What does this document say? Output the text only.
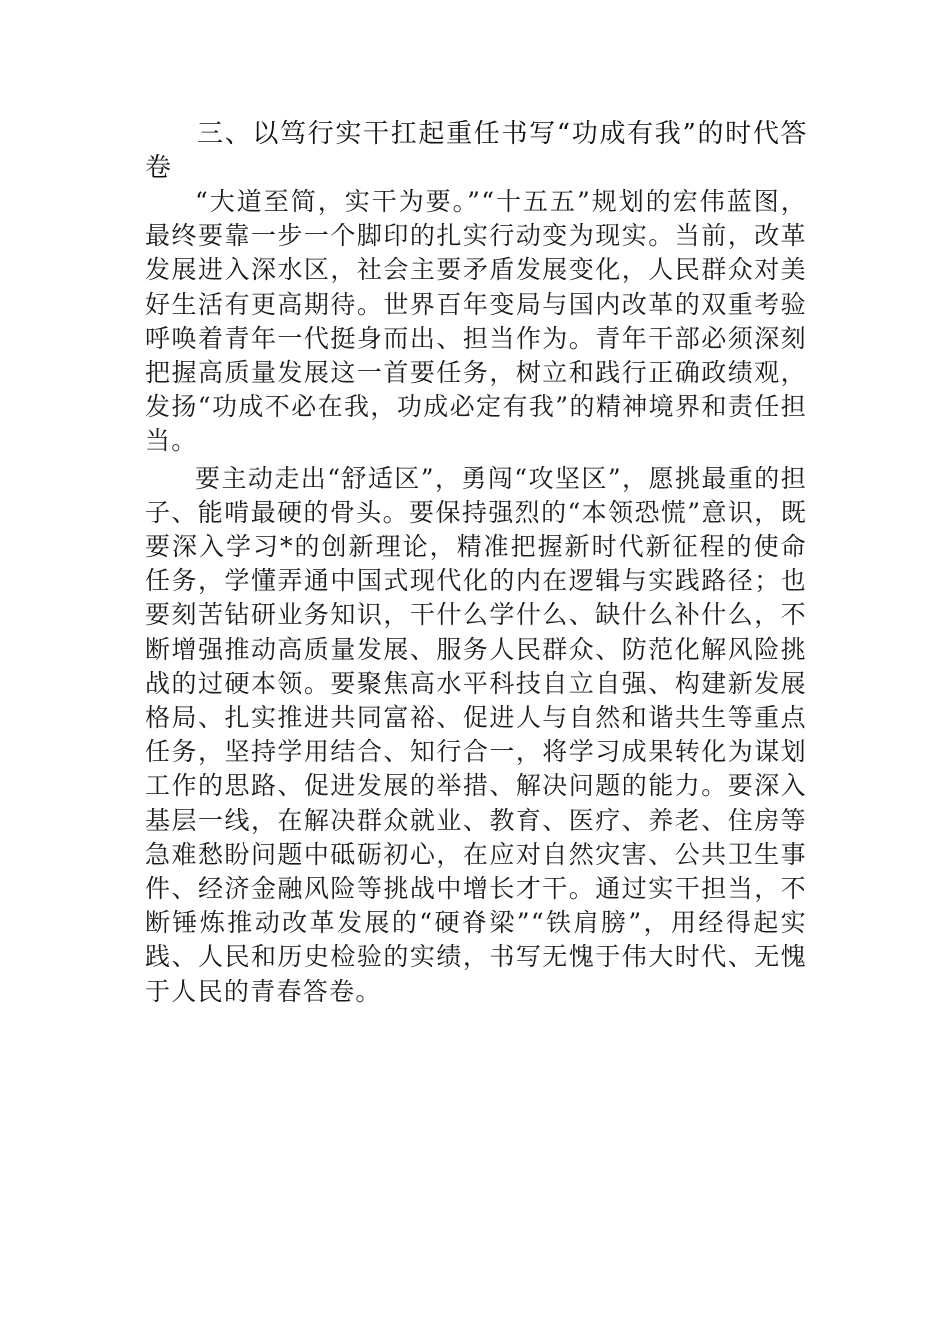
三、以笃行实干扛起重任书写“功成有我”的时代答卷

“大道至简，实干为要。”“十五五”规划的宏伟蓝图，最终要靠一步一个脚印的扎实行动变为现实。当前，改革发展进入深水区，社会主要矛盾发展变化，人民群众对美好生活有更高期待。世界百年变局与国内改革的双重考验呼唤着青年一代挺身而出、担当作为。青年干部必须深刻把握高质量发展这一首要任务，树立和践行正确政绩观，发扬“功成不必在我，功成必定有我”的精神境界和责任担当。

要主动走出“舒适区”，勇闯“攻坚区”，愿挑最重的担子、能啃最硬的骨头。要保持强烈的“本领恐慌”意识，既要深入学习*的创新理论，精准把握新时代新征程的使命任务，学懂弄通中国式现代化的内在逻辑与实践路径；也要刻苦钻研业务知识，干什么学什么、缺什么补什么，不断增强推动高质量发展、服务人民群众、防范化解风险挑战的过硬本领。要聚焦高水平科技自立自强、构建新发展格局、扎实推进共同富裕、促进人与自然和谐共生等重点任务，坚持学用结合、知行合一，将学习成果转化为谋划工作的思路、促进发展的举措、解决问题的能力。要深入基层一线，在解决群众就业、教育、医疗、养老、住房等急难愁盼问题中砥砺初心，在应对自然灾害、公共卫生事件、经济金融风险等挑战中增长才干。通过实干担当，不断锤炼推动改革发展的“硬脊梁”“铁肩膀”，用经得起实践、人民和历史检验的实绩，书写无愧于伟大时代、无愧于人民的青春答卷。
